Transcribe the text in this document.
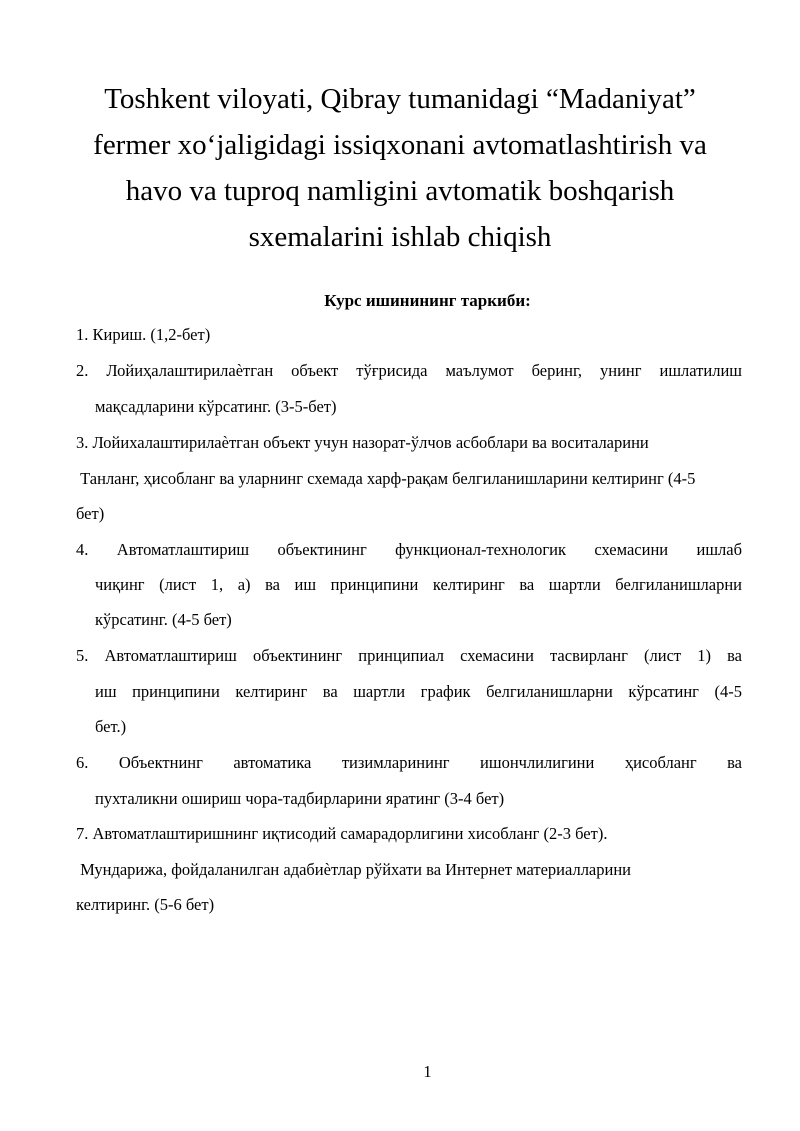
Toshkent viloyati, Qibray tumanidagi “Madaniyat”
fermer xo‘jaligidagi issiqxonani avtomatlashtirish va
havo va tuproq namligini avtomatik boshqarish
sxemalarini ishlab chiqish
Курс ишинининг таркиби:
1. Кириш. (1,2-бет)
2. Лойиҳалаштирилаѐтган объект тўғрисида маълумот беринг, унинг ишлатилиш
мақсадларини кўрсатинг. (3-5-бет)
3. Лойихалаштирилаѐтган объект учун назорат-ўлчов асбоблари ва воситаларини
Танланг, ҳисобланг ва уларнинг схемада харф-рақам белгиланишларини келтиринг (4-5
бет)
4. Автоматлаштириш объектининг функционал-технологик схемасини ишлаб
чиқинг (лист 1, а) ва иш принципини келтиринг ва шартли белгиланишларни
кўрсатинг. (4-5 бет)
5. Автоматлаштириш объектининг принципиал схемасини тасвирланг (лист 1) ва
иш принципини келтиринг ва шартли график белгиланишларни кўрсатинг (4-5
бет.)
6. Объектнинг автоматика тизимларининг ишончлилигини ҳисобланг ва
пухталикни ошириш чора-тадбирларини яратинг (3-4 бет)
7. Автоматлаштиришнинг иқтисодий самарадорлигини хисобланг (2-3 бет).
Мундарижа, фойдаланилган адабиѐтлар рўйхати ва Интернет материалларини
келтиринг. (5-6 бет)
1
